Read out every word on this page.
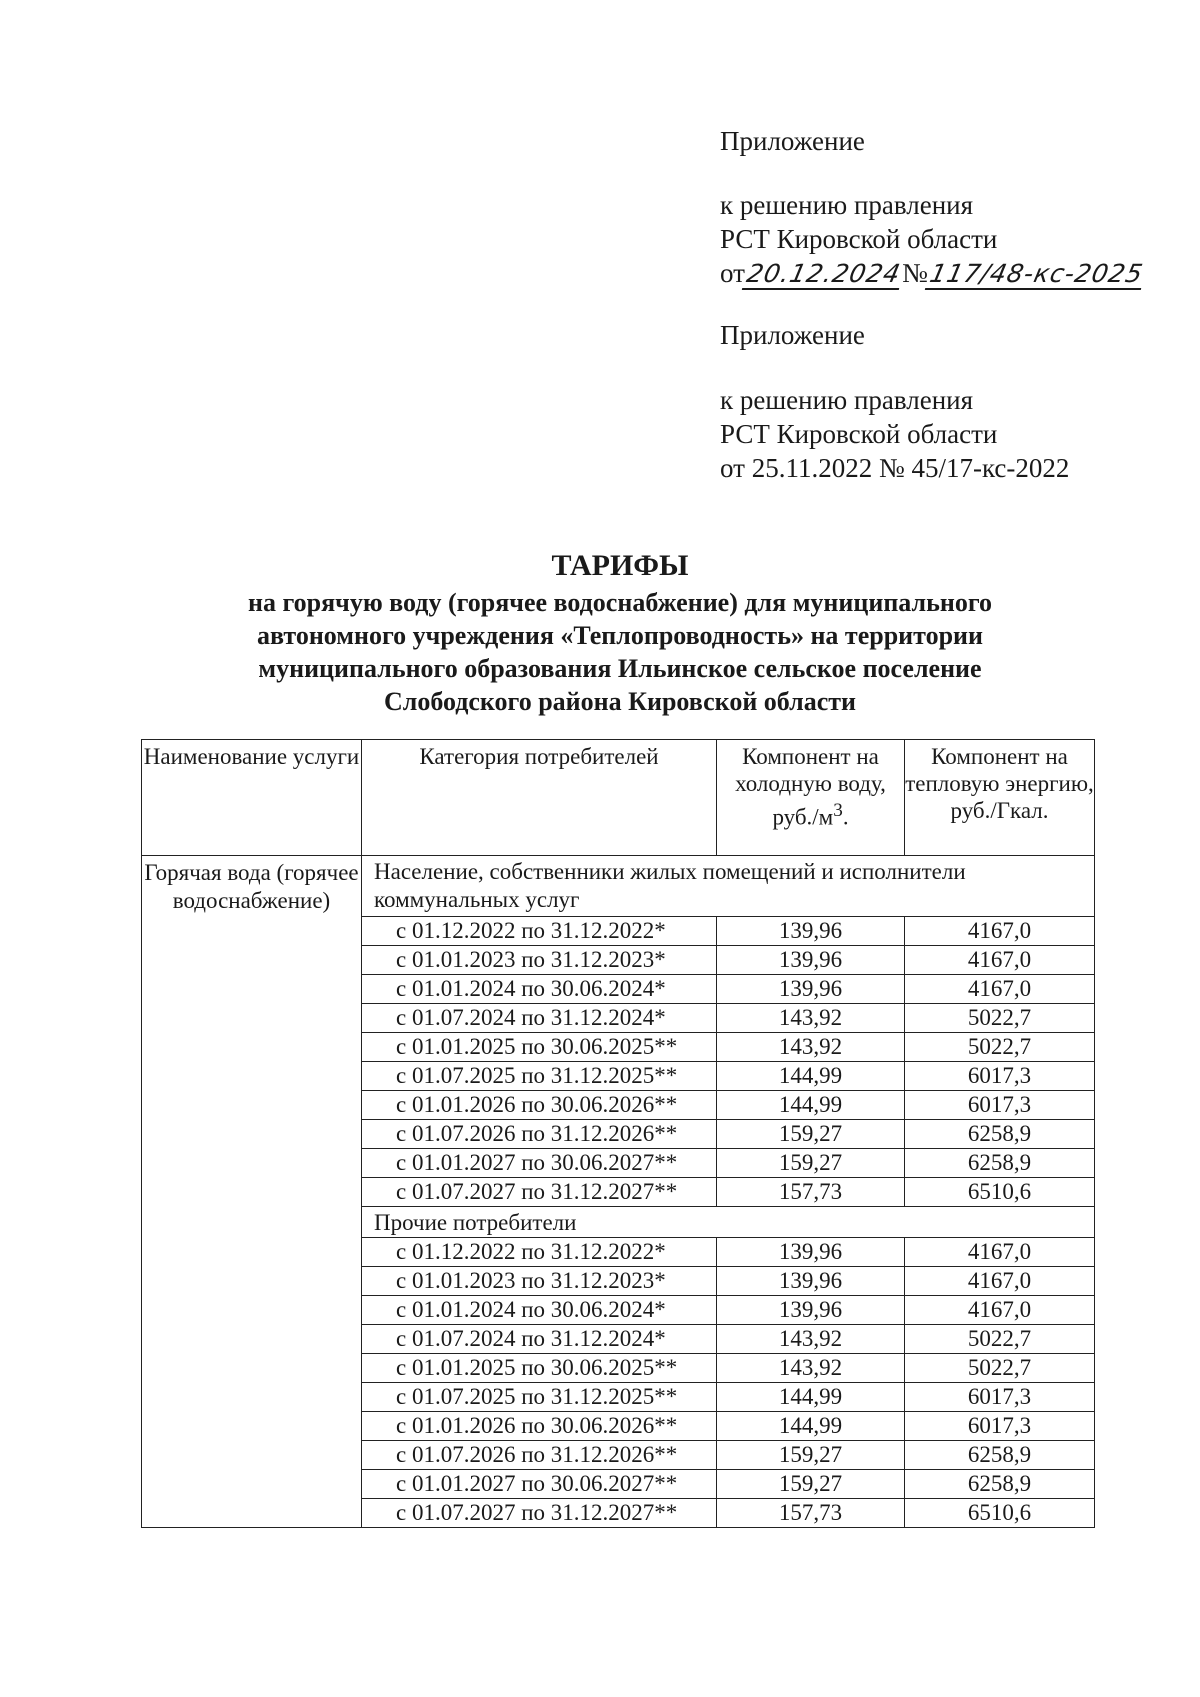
Приложение
к решению правления
РСТ Кировской области
от20.12.2024№117/48-кс-2025
Приложение
к решению правления
РСТ Кировской области
от 25.11.2022 № 45/17-кс-2022
ТАРИФЫ
на горячую воду (горячее водоснабжение) для муниципального
автономного учреждения «Теплопроводность» на территории
муниципального образования Ильинское сельское поселение
Слободского района Кировской области
Наименование услуги	Категория потребителей	Компонент на холодную воду, $руб./м^3$.	Компонент на тепловую энергию, руб./Гкал.
Горячая вода (горячее водоснабжение)	Население, собственники жилых помещений и исполнители коммунальных услуг		
	с 01.12.2022 по 31.12.2022*	139,96	4167,0
	с 01.01.2023 по 31.12.2023*	139,96	4167,0
	с 01.01.2024 по 30.06.2024*	139,96	4167,0
	с 01.07.2024 по 31.12.2024*	143,92	5022,7
	с 01.01.2025 по 30.06.2025**	143,92	5022,7
	с 01.07.2025 по 31.12.2025**	144,99	6017,3
	с 01.01.2026 по 30.06.2026**	144,99	6017,3
	с 01.07.2026 по 31.12.2026**	159,27	6258,9
	с 01.01.2027 по 30.06.2027**	159,27	6258,9
	с 01.07.2027 по 31.12.2027**	157,73	6510,6
	Прочие потребители		
	с 01.12.2022 по 31.12.2022*	139,96	4167,0
	с 01.01.2023 по 31.12.2023*	139,96	4167,0
	с 01.01.2024 по 30.06.2024*	139,96	4167,0
	с 01.07.2024 по 31.12.2024*	143,92	5022,7
	с 01.01.2025 по 30.06.2025**	143,92	5022,7
	с 01.07.2025 по 31.12.2025**	144,99	6017,3
	с 01.01.2026 по 30.06.2026**	144,99	6017,3
	с 01.07.2026 по 31.12.2026**	159,27	6258,9
	с 01.01.2027 по 30.06.2027**	159,27	6258,9
	с 01.07.2027 по 31.12.2027**	157,73	6510,6
